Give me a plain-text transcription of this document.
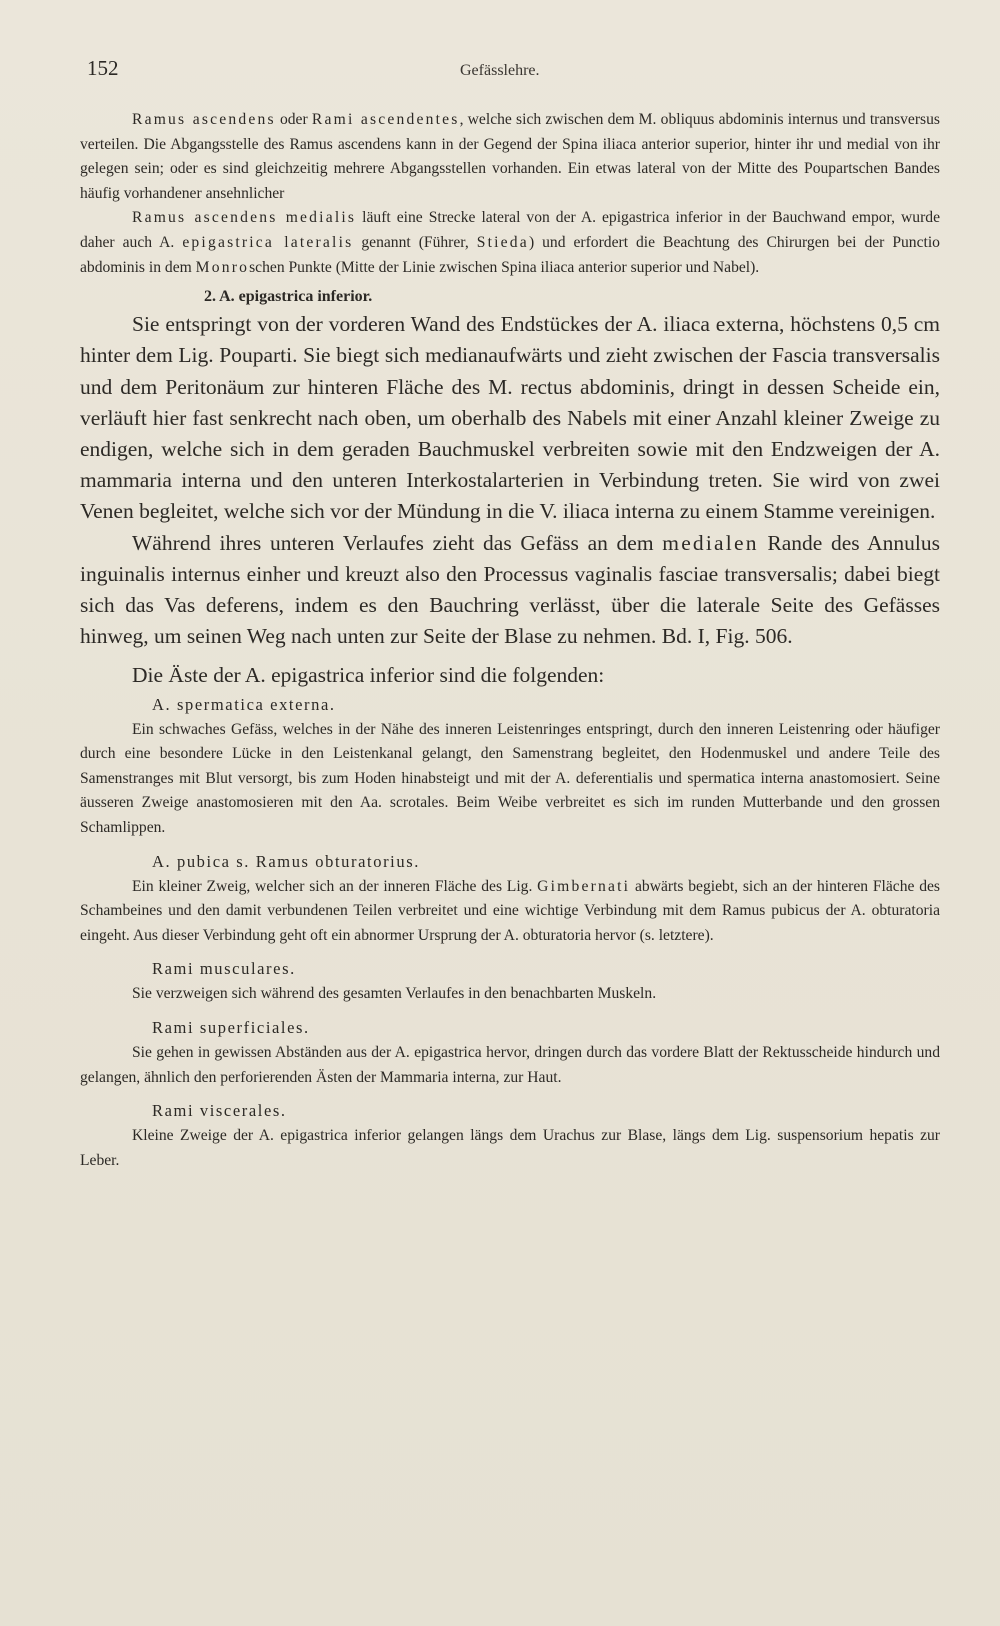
152	Gefässlehre.

Ramus ascendens oder Rami ascendentes, welche sich zwischen dem M. obliquus abdominis internus und transversus verteilen. Die Abgangsstelle des Ramus ascendens kann in der Gegend der Spina iliaca anterior superior, hinter ihr und medial von ihr gelegen sein; oder es sind gleichzeitig mehrere Abgangsstellen vorhanden. Ein etwas lateral von der Mitte des Poupartschen Bandes häufig vorhandener ansehnlicher

Ramus ascendens medialis läuft eine Strecke lateral von der A. epigastrica inferior in der Bauchwand empor, wurde daher auch A. epigastrica lateralis genannt (Führer, Stieda) und erfordert die Beachtung des Chirurgen bei der Punctio abdominis in dem Monroschen Punkte (Mitte der Linie zwischen Spina iliaca anterior superior und Nabel).

2. A. epigastrica inferior.

Sie entspringt von der vorderen Wand des Endstückes der A. iliaca externa, höchstens 0,5 cm hinter dem Lig. Pouparti. Sie biegt sich medianaufwärts und zieht zwischen der Fascia transversalis und dem Peritonäum zur hinteren Fläche des M. rectus abdominis, dringt in dessen Scheide ein, verläuft hier fast senkrecht nach oben, um oberhalb des Nabels mit einer Anzahl kleiner Zweige zu endigen, welche sich in dem geraden Bauchmuskel verbreiten sowie mit den Endzweigen der A. mammaria interna und den unteren Interkostalarterien in Verbindung treten. Sie wird von zwei Venen begleitet, welche sich vor der Mündung in die V. iliaca interna zu einem Stamme vereinigen.

Während ihres unteren Verlaufes zieht das Gefäss an dem medialen Rande des Annulus inguinalis internus einher und kreuzt also den Processus vaginalis fasciae transversalis; dabei biegt sich das Vas deferens, indem es den Bauchring verlässt, über die laterale Seite des Gefässes hinweg, um seinen Weg nach unten zur Seite der Blase zu nehmen. Bd. I, Fig. 506.

Die Äste der A. epigastrica inferior sind die folgenden:

A. spermatica externa.

Ein schwaches Gefäss, welches in der Nähe des inneren Leistenringes entspringt, durch den inneren Leistenring oder häufiger durch eine besondere Lücke in den Leistenkanal gelangt, den Samenstrang begleitet, den Hodenmuskel und andere Teile des Samenstranges mit Blut versorgt, bis zum Hoden hinabsteigt und mit der A. deferentialis und spermatica interna anastomosiert. Seine äusseren Zweige anastomosieren mit den Aa. scrotales. Beim Weibe verbreitet es sich im runden Mutterbande und den grossen Schamlippen.

A. pubica s. Ramus obturatorius.

Ein kleiner Zweig, welcher sich an der inneren Fläche des Lig. Gimbernati abwärts begiebt, sich an der hinteren Fläche des Schambeines und den damit verbundenen Teilen verbreitet und eine wichtige Verbindung mit dem Ramus pubicus der A. obturatoria eingeht. Aus dieser Verbindung geht oft ein abnormer Ursprung der A. obturatoria hervor (s. letztere).

Rami musculares.

Sie verzweigen sich während des gesamten Verlaufes in den benachbarten Muskeln.

Rami superficiales.

Sie gehen in gewissen Abständen aus der A. epigastrica hervor, dringen durch das vordere Blatt der Rektusscheide hindurch und gelangen, ähnlich den perforierenden Ästen der Mammaria interna, zur Haut.

Rami viscerales.

Kleine Zweige der A. epigastrica inferior gelangen längs dem Urachus zur Blase, längs dem Lig. suspensorium hepatis zur Leber.
